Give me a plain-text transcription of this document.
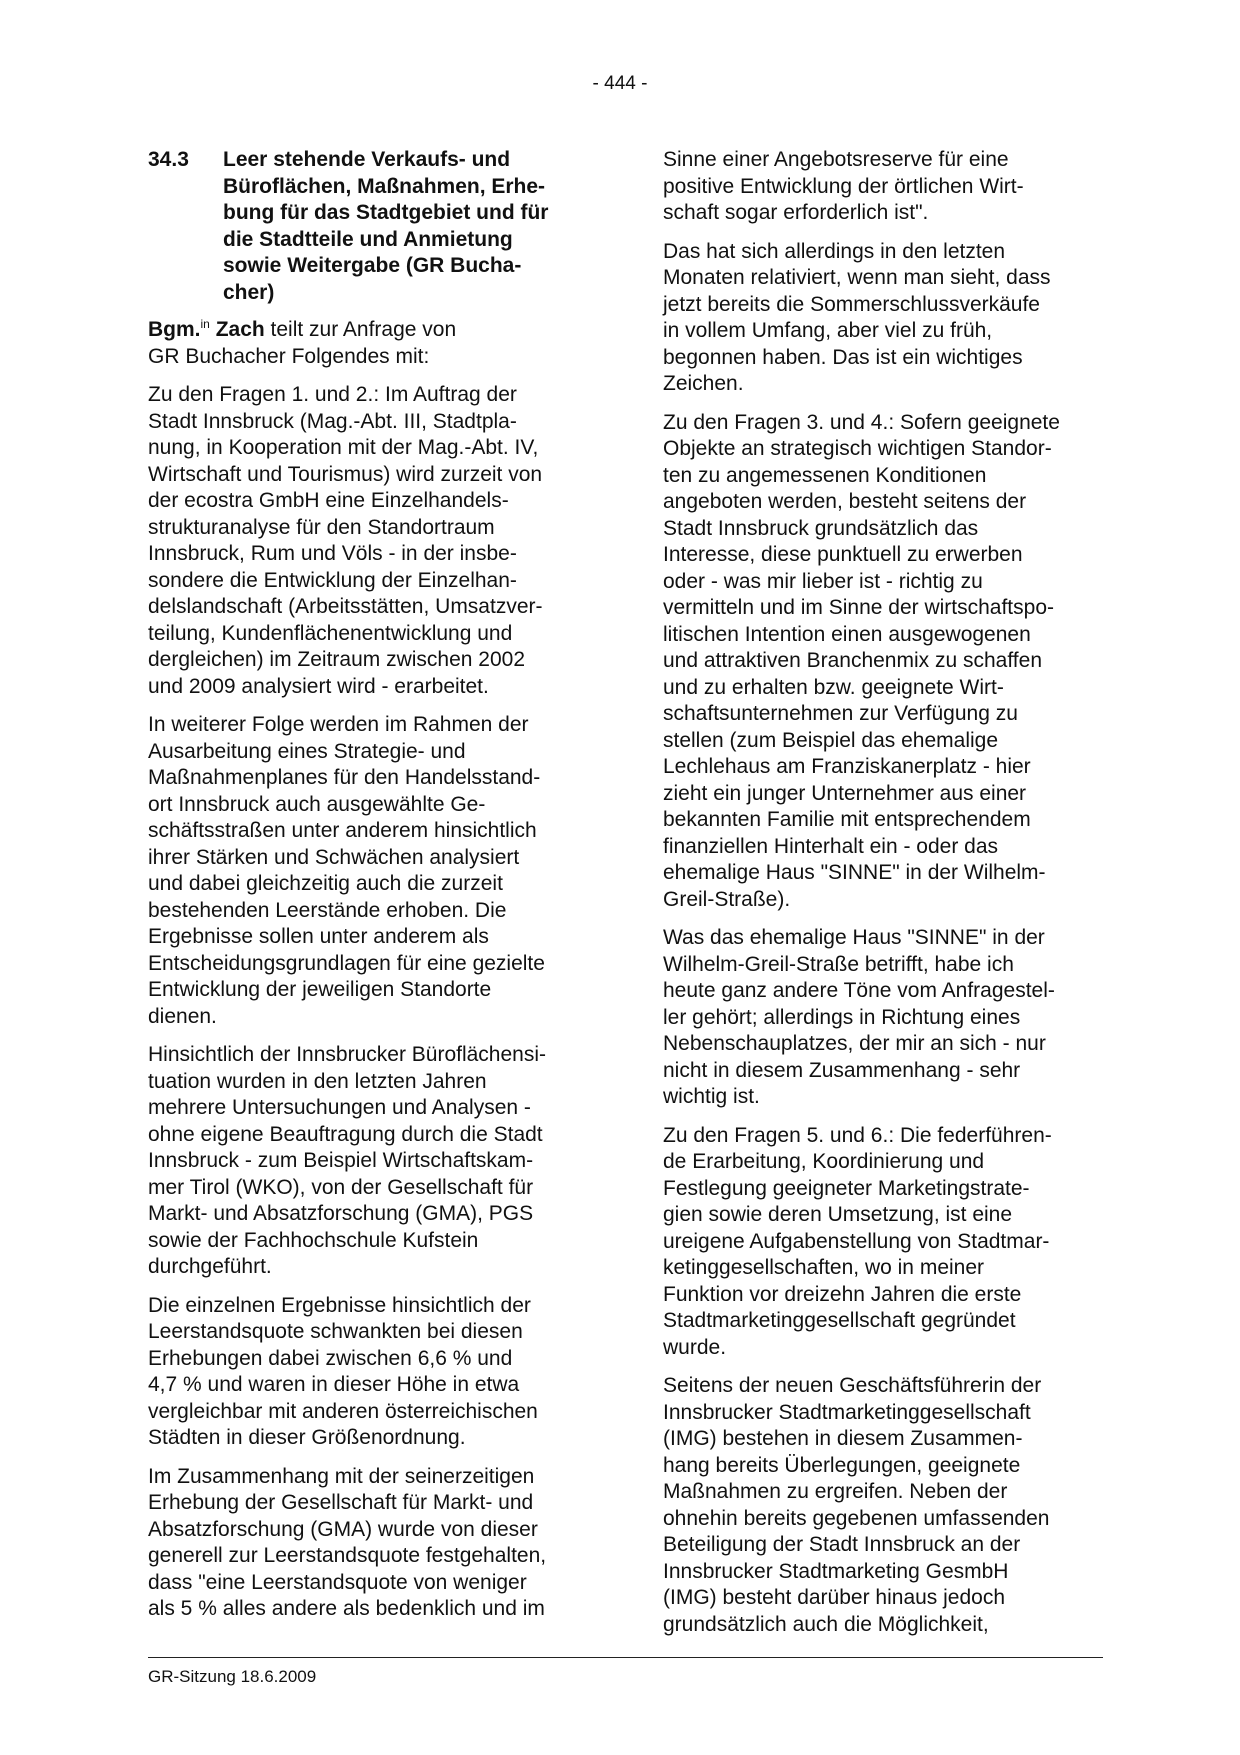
- 444 -
34.3	Leer stehende Verkaufs- und
Büroflächen, Maßnahmen, Erhe-
bung für das Stadtgebiet und für
die Stadtteile und Anmietung
sowie Weitergabe (GR Bucha-
cher)

Bgm.$^{in}$ Zach teilt zur Anfrage von
GR Buchacher Folgendes mit:

Zu den Fragen 1. und 2.: Im Auftrag der
Stadt Innsbruck (Mag.-Abt. III, Stadtpla-
nung, in Kooperation mit der Mag.-Abt. IV,
Wirtschaft und Tourismus) wird zurzeit von
der ecostra GmbH eine Einzelhandels-
strukturanalyse für den Standortraum
Innsbruck, Rum und Völs - in der insbe-
sondere die Entwicklung der Einzelhan-
delslandschaft (Arbeitsstätten, Umsatzver-
teilung, Kundenflächenentwicklung und
dergleichen) im Zeitraum zwischen 2002
und 2009 analysiert wird - erarbeitet.

In weiterer Folge werden im Rahmen der
Ausarbeitung eines Strategie- und
Maßnahmenplanes für den Handelsstand-
ort Innsbruck auch ausgewählte Ge-
schäftsstraßen unter anderem hinsichtlich
ihrer Stärken und Schwächen analysiert
und dabei gleichzeitig auch die zurzeit
bestehenden Leerstände erhoben. Die
Ergebnisse sollen unter anderem als
Entscheidungsgrundlagen für eine gezielte
Entwicklung der jeweiligen Standorte
dienen.

Hinsichtlich der Innsbrucker Büroflächensi-
tuation wurden in den letzten Jahren
mehrere Untersuchungen und Analysen -
ohne eigene Beauftragung durch die Stadt
Innsbruck - zum Beispiel Wirtschaftskam-
mer Tirol (WKO), von der Gesellschaft für
Markt- und Absatzforschung (GMA), PGS
sowie der Fachhochschule Kufstein
durchgeführt.

Die einzelnen Ergebnisse hinsichtlich der
Leerstandsquote schwankten bei diesen
Erhebungen dabei zwischen 6,6 % und
4,7 % und waren in dieser Höhe in etwa
vergleichbar mit anderen österreichischen
Städten in dieser Größenordnung.

Im Zusammenhang mit der seinerzeitigen
Erhebung der Gesellschaft für Markt- und
Absatzforschung (GMA) wurde von dieser
generell zur Leerstandsquote festgehalten,
dass "eine Leerstandsquote von weniger
als 5 % alles andere als bedenklich und im

Sinne einer Angebotsreserve für eine
positive Entwicklung der örtlichen Wirt-
schaft sogar erforderlich ist".

Das hat sich allerdings in den letzten
Monaten relativiert, wenn man sieht, dass
jetzt bereits die Sommerschlussverkäufe
in vollem Umfang, aber viel zu früh,
begonnen haben. Das ist ein wichtiges
Zeichen.

Zu den Fragen 3. und 4.: Sofern geeignete
Objekte an strategisch wichtigen Standor-
ten zu angemessenen Konditionen
angeboten werden, besteht seitens der
Stadt Innsbruck grundsätzlich das
Interesse, diese punktuell zu erwerben
oder - was mir lieber ist - richtig zu
vermitteln und im Sinne der wirtschaftspo-
litischen Intention einen ausgewogenen
und attraktiven Branchenmix zu schaffen
und zu erhalten bzw. geeignete Wirt-
schaftsunternehmen zur Verfügung zu
stellen (zum Beispiel das ehemalige
Lechlehaus am Franziskanerplatz - hier
zieht ein junger Unternehmer aus einer
bekannten Familie mit entsprechendem
finanziellen Hinterhalt ein - oder das
ehemalige Haus "SINNE" in der Wilhelm-
Greil-Straße).

Was das ehemalige Haus "SINNE" in der
Wilhelm-Greil-Straße betrifft, habe ich
heute ganz andere Töne vom Anfragestel-
ler gehört; allerdings in Richtung eines
Nebenschauplatzes, der mir an sich - nur
nicht in diesem Zusammenhang - sehr
wichtig ist.

Zu den Fragen 5. und 6.: Die federführen-
de Erarbeitung, Koordinierung und
Festlegung geeigneter Marketingstrate-
gien sowie deren Umsetzung, ist eine
ureigene Aufgabenstellung von Stadtmar-
ketinggesellschaften, wo in meiner
Funktion vor dreizehn Jahren die erste
Stadtmarketinggesellschaft gegründet
wurde.

Seitens der neuen Geschäftsführerin der
Innsbrucker Stadtmarketinggesellschaft
(IMG) bestehen in diesem Zusammen-
hang bereits Überlegungen, geeignete
Maßnahmen zu ergreifen. Neben der
ohnehin bereits gegebenen umfassenden
Beteiligung der Stadt Innsbruck an der
Innsbrucker Stadtmarketing GesmbH
(IMG) besteht darüber hinaus jedoch
grundsätzlich auch die Möglichkeit,

GR-Sitzung 18.6.2009
